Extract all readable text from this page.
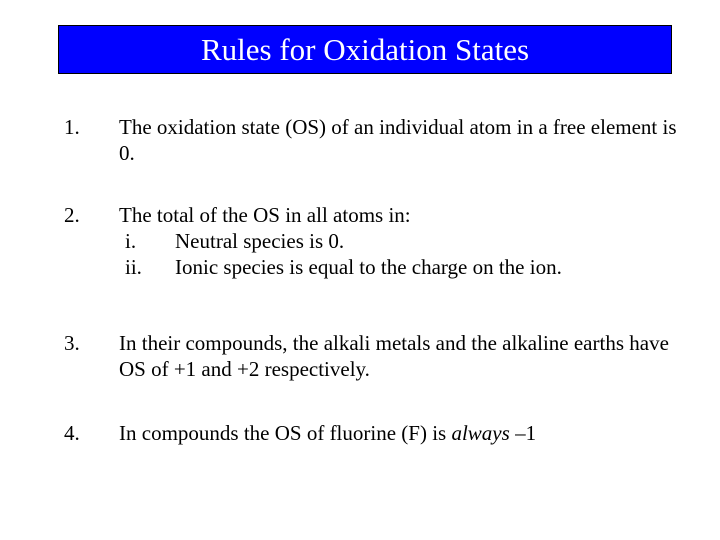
Rules for Oxidation States
1. The oxidation state (OS) of an individual atom in a free element is 0.
2. The total of the OS in all atoms in:
i.	Neutral species is 0.
ii.	Ionic species is equal to the charge on the ion.
3. In their compounds, the alkali metals and the alkaline earths have OS of +1 and +2 respectively.
4. In compounds the OS of fluorine (F) is always –1
